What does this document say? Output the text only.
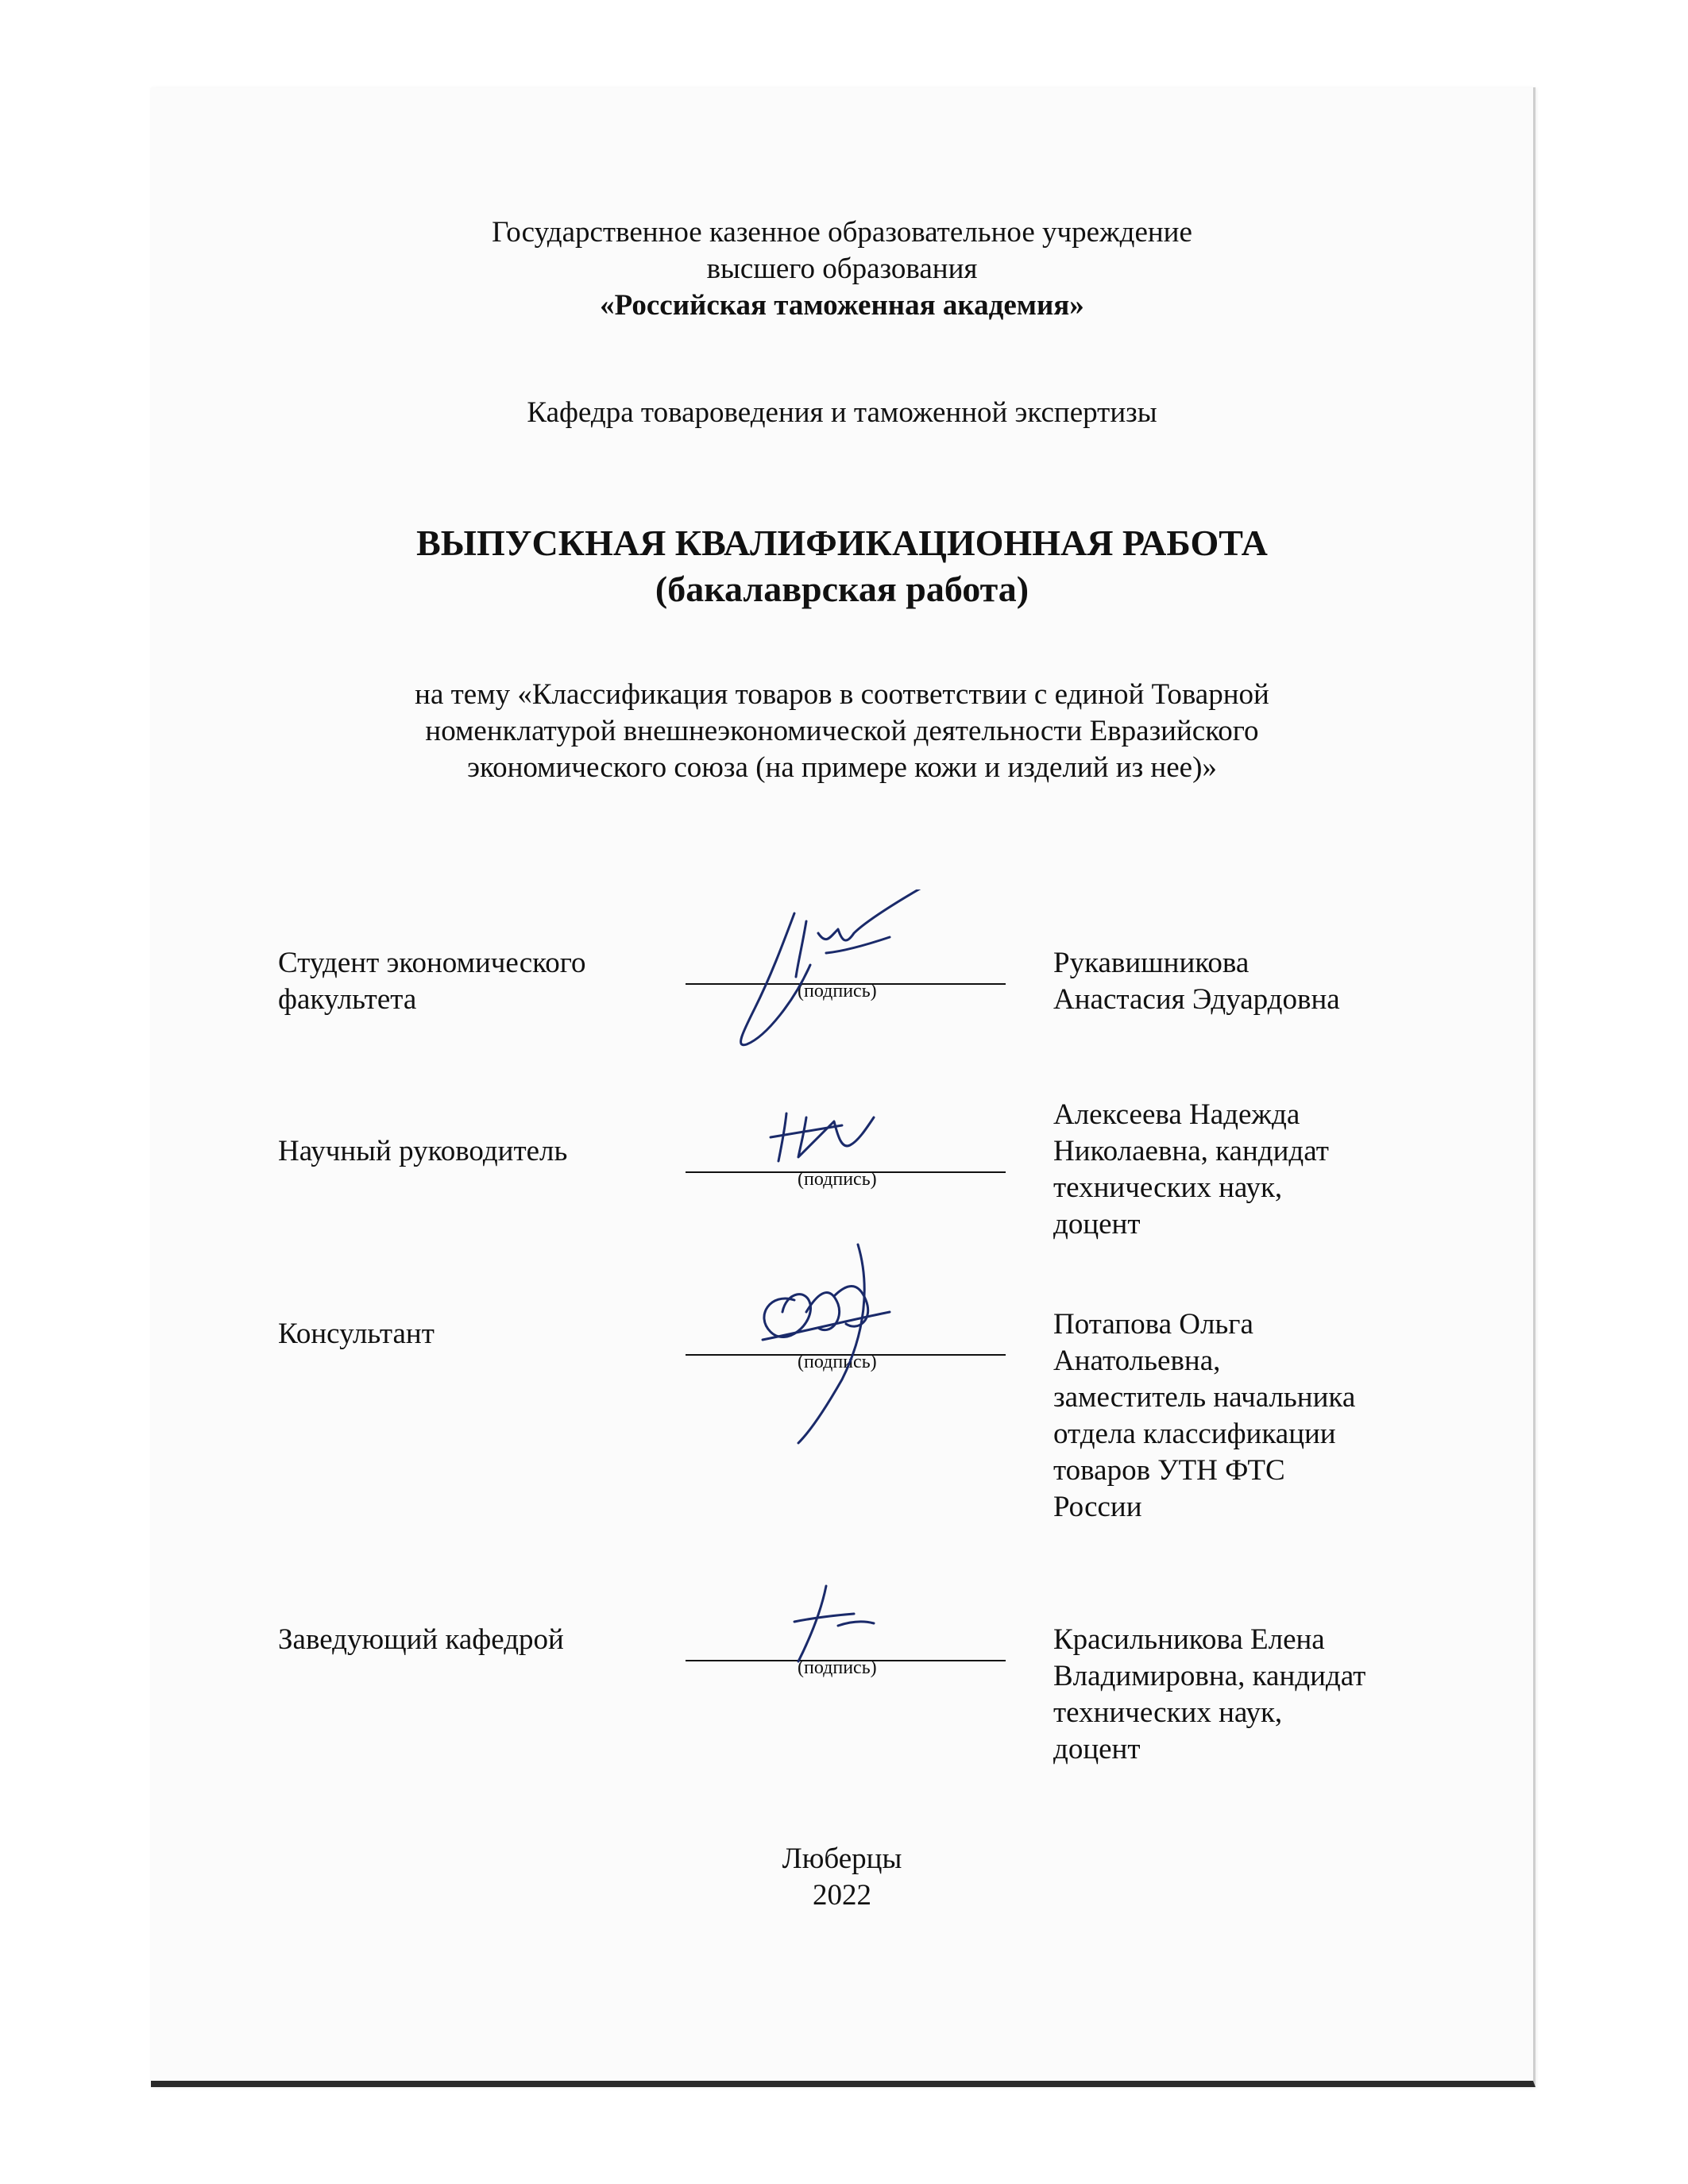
Государственное казенное образовательное учреждение
высшего образования
«Российская таможенная академия»
Кафедра товароведения и таможенной экспертизы
ВЫПУСКНАЯ КВАЛИФИКАЦИОННАЯ РАБОТА
(бакалаврская работа)
на тему «Классификация товаров в соответствии с единой Товарной
номенклатурой внешнеэкономической деятельности Евразийского
экономического союза (на примере кожи и изделий из нее)»
Студент экономического
факультета	(подпись)
Рукавишникова
Анастасия Эдуардовна
Научный руководитель
(подпись)
Алексеева Надежда
Николаевна, кандидат
технических наук,
доцент
Консультант
(подпись)
Потапова Ольга
Анатольевна,
заместитель начальника
отдела классификации
товаров УТН ФТС
России
Заведующий кафедрой
(подпись)
Красильникова Елена
Владимировна, кандидат
технических наук,
доцент
Люберцы
2022
